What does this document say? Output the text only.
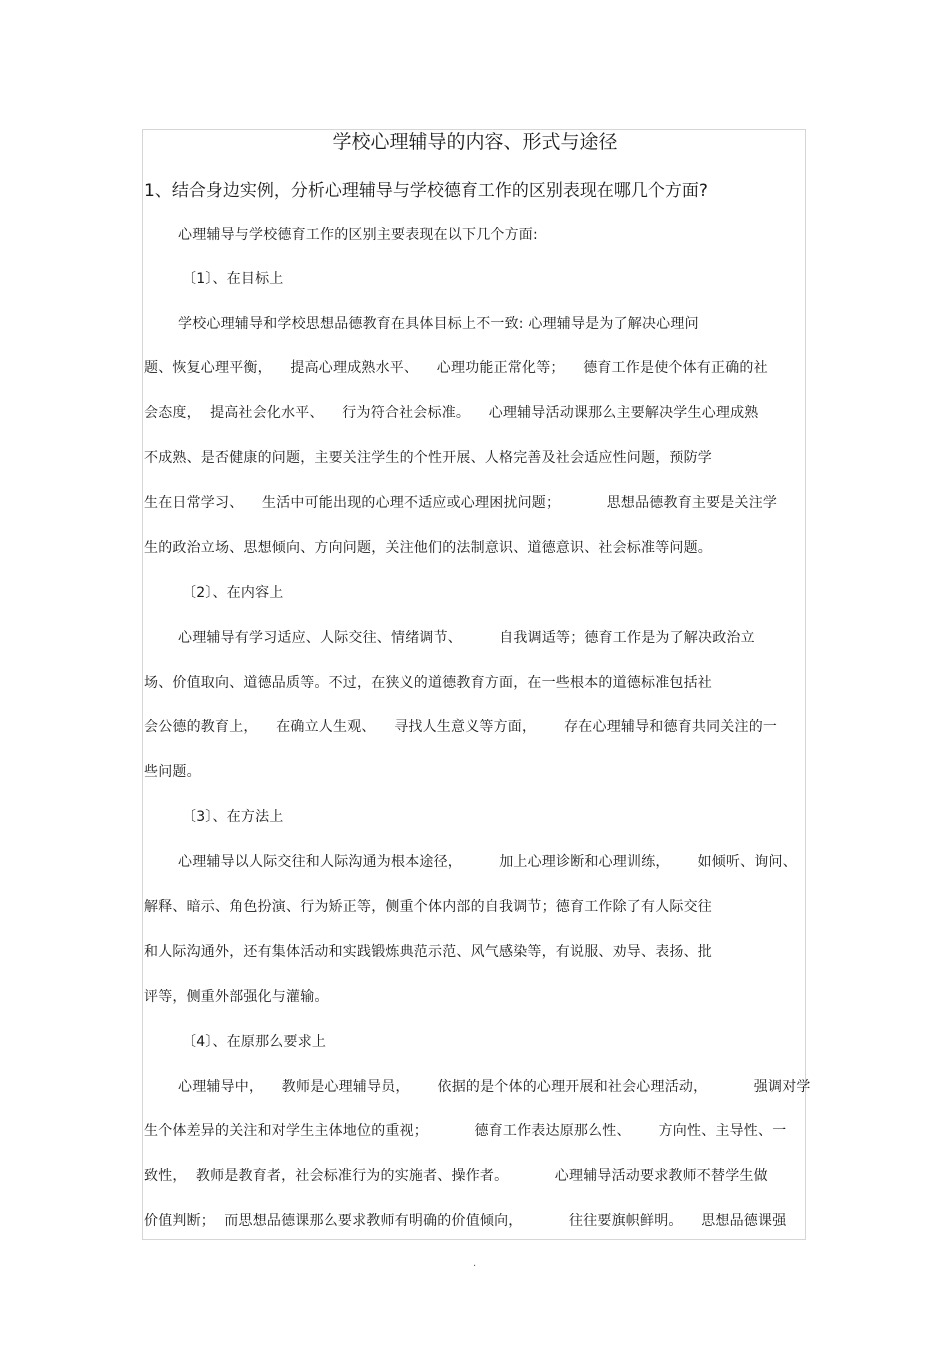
学校心理辅导的内容、形式与途径
1、结合身边实例，分析心理辅导与学校德育工作的区别表现在哪几个方面?
心理辅导与学校德育工作的区别主要表现在以下几个方面:
〔1〕、在目标上
学校心理辅导和学校思想品德教育在具体目标上不一致: 心理辅导是为了解决心理问
题、恢复心理平衡，    提高心理成熟水平、    心理功能正常化等；    德育工作是使个体有正确的社
会态度，  提高社会化水平、    行为符合社会标准。    心理辅导活动课那么主要解决学生心理成熟
不成熟、是否健康的问题，主要关注学生的个性开展、人格完善及社会适应性问题，预防学
生在日常学习、    生活中可能出现的心理不适应或心理困扰问题；          思想品德教育主要是关注学
生的政治立场、思想倾向、方向问题，关注他们的法制意识、道德意识、社会标准等问题。
〔2〕、在内容上
心理辅导有学习适应、人际交往、情绪调节、        自我调适等；德育工作是为了解决政治立
场、价值取向、道德品质等。不过，在狭义的道德教育方面，在一些根本的道德标准包括社
会公德的教育上，    在确立人生观、    寻找人生意义等方面，      存在心理辅导和德育共同关注的一
些问题。
〔3〕、在方法上
心理辅导以人际交往和人际沟通为根本途径，        加上心理诊断和心理训练，      如倾听、询问、
解释、暗示、角色扮演、行为矫正等，侧重个体内部的自我调节；德育工作除了有人际交往
和人际沟通外，还有集体活动和实践锻炼典范示范、风气感染等，有说服、劝导、表扬、批
评等，侧重外部强化与灌输。
〔4〕、在原那么要求上
心理辅导中，    教师是心理辅导员，      依据的是个体的心理开展和社会心理活动，          强调对学
生个体差异的关注和对学生主体地位的重视；          德育工作表达原那么性、      方向性、主导性、一
致性，  教师是教育者，社会标准行为的实施者、操作者。          心理辅导活动要求教师不替学生做
价值判断；  而思想品德课那么要求教师有明确的价值倾向，          往往要旗帜鲜明。    思想品德课强
.
